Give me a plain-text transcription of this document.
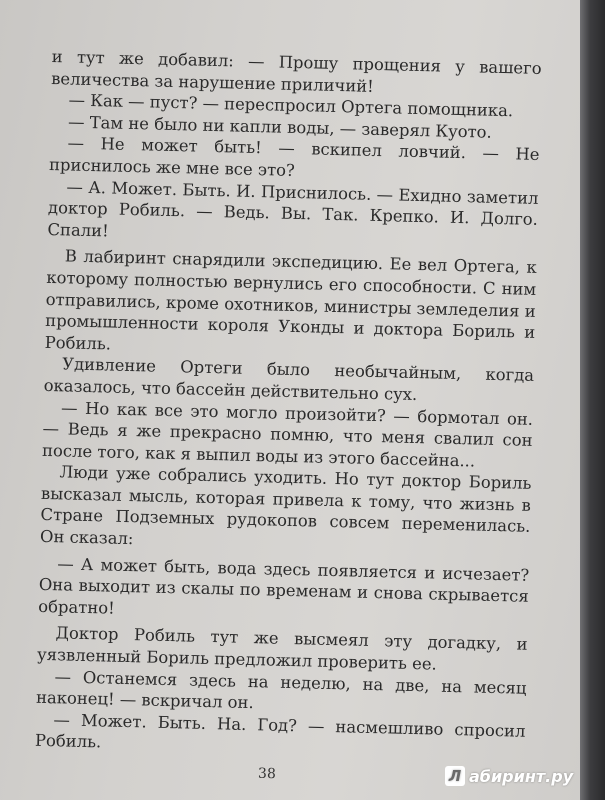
и тут же добавил: — Прошу прощения у вашего величества за нарушение приличий!

— Как — пуст? — переспросил Ортега помощника.

— Там не было ни капли воды, — заверял Куото.

— Не может быть! — вскипел ловчий. — Не приснилось же мне все это?

— А. Может. Быть. И. Приснилось. — Ехидно заметил доктор Робиль. — Ведь. Вы. Так. Крепко. И. Долго. Спали!

В лабиринт снарядили экспедицию. Ее вел Ортега, к которому полностью вернулись его способности. С ним отправились, кроме охотников, министры земледелия и промышленности короля Уконды и доктора Бориль и Робиль.

Удивление Ортеги было необычайным, когда оказалось, что бассейн действительно сух.

— Но как все это могло произойти? — бормотал он. — Ведь я же прекрасно помню, что меня свалил сон после того, как я выпил воды из этого бассейна...

Люди уже собрались уходить. Но тут доктор Бориль высказал мысль, которая привела к тому, что жизнь в Стране Подземных рудокопов совсем переменилась. Он сказал:

— А может быть, вода здесь появляется и исчезает? Она выходит из скалы по временам и снова скрывается обратно!

Доктор Робиль тут же высмеял эту догадку, и уязвленный Бориль предложил проверить ее.

— Останемся здесь на неделю, на две, на месяц наконец! — вскричал он.

— Может. Быть. На. Год? — насмешливо спросил Робиль.

38	Л абиринт.ру
